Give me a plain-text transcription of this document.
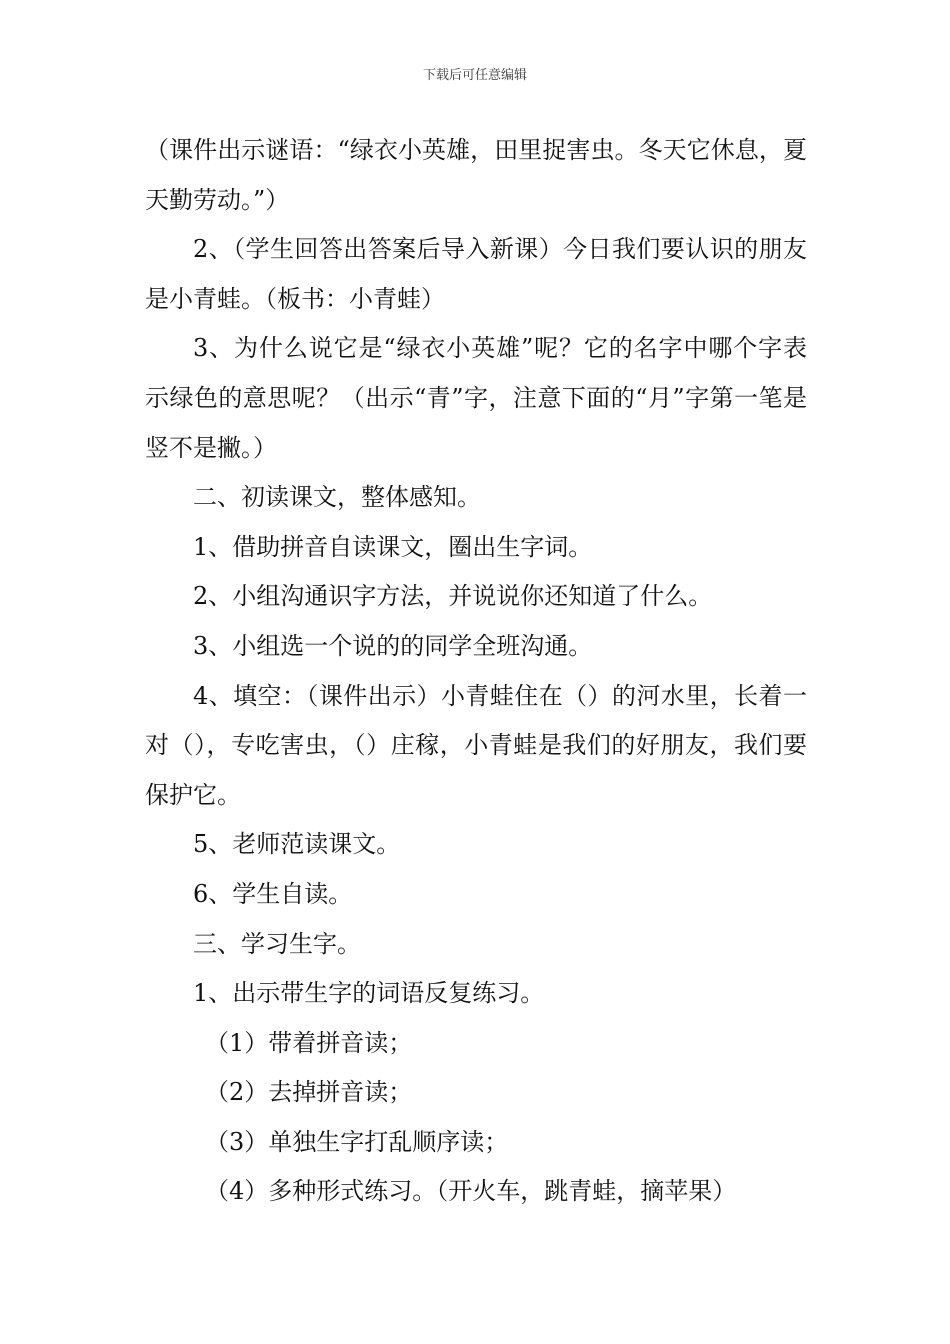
下载后可任意编辑

（课件出示谜语：“绿衣小英雄，田里捉害虫。冬天它休息，夏天勤劳动。”）

2、（学生回答出答案后导入新课）今日我们要认识的朋友是小青蛙。（板书：小青蛙）

3、为什么说它是“绿衣小英雄”呢？它的名字中哪个字表示绿色的意思呢？（出示“青”字，注意下面的“月”字第一笔是竖不是撇。）

二、初读课文，整体感知。

1、借助拼音自读课文，圈出生字词。

2、小组沟通识字方法，并说说你还知道了什么。

3、小组选一个说的的同学全班沟通。

4、填空：（课件出示）小青蛙住在（）的河水里，长着一对（），专吃害虫，（）庄稼，小青蛙是我们的好朋友，我们要保护它。

5、老师范读课文。

6、学生自读。

三、学习生字。

1、出示带生字的词语反复练习。

（1）带着拼音读；

（2）去掉拼音读；

（3）单独生字打乱顺序读；

（4）多种形式练习。（开火车，跳青蛙，摘苹果）
